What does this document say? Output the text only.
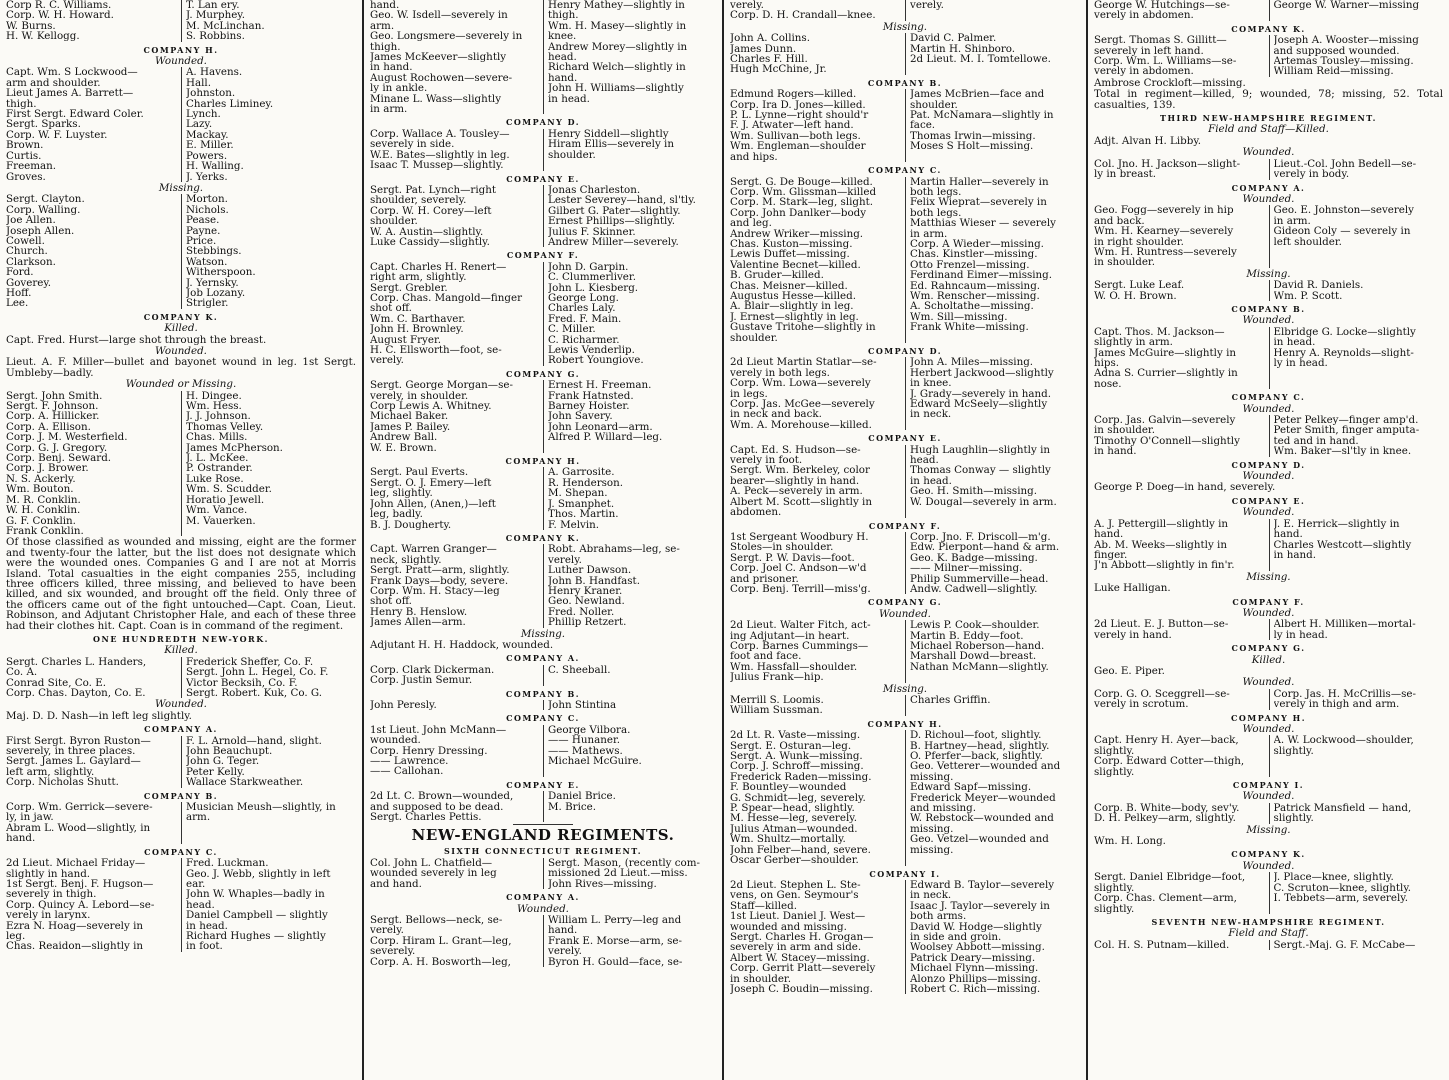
Corp R. C. Williams.
Corp. W. H. Howard.
W. Burns.
H. W. Kellogg.
T. Lan ery.
J. Murphey.
M. McLinchan.
S. Robbins.
COMPANY H.
Wounded.
Capt. Wm. S Lockwood—
arm and shoulder.
Lieut James A. Barrett—
thigh.
First Sergt. Edward Coler.
Sergt. Sparks.
Corp. W. F. Luyster.
Brown.
Curtis.
Freeman.
Groves.
A. Havens.
Hall.
Johnston.
Charles Liminey.
Lynch.
Lazy.
Mackay.
E. Miller.
Powers.
H. Walling.
J. Yerks.
Missing.
Sergt. Clayton.
Corp. Walling.
Joe Allen.
Joseph Allen.
Cowell.
Church.
Clarkson.
Ford.
Goverey.
Hoff.
Lee.
Morton.
Nichols.
Pease.
Payne.
Price.
Stebbings.
Watson.
Witherspoon.
J. Yernsky.
Job Lozany.
Strigler.
COMPANY K.
Killed.
Capt. Fred. Hurst—large shot through the breast.
Wounded.
Lieut. A. F. Miller—bullet and bayonet wound in leg. 1st Sergt. Umbleby—badly.
Wounded or Missing.
Sergt. John Smith.
Sergt. F. Johnson.
Corp. A. Hillicker.
Corp. A. Ellison.
Corp. J. M. Westerfield.
Corp. G. J. Gregory.
Corp. Benj. Seward.
Corp. J. Brower.
N. S. Ackerly.
Wm. Bouton.
M. R. Conklin.
W. H. Conklin.
G. F. Conklin.
Frank Conklin.
H. Dingee.
Wm. Hess.
J. J. Johnson.
Thomas Velley.
Chas. Mills.
James McPherson.
J. L. McKee.
P. Ostrander.
Luke Rose.
Wm. S. Scudder.
Horatio Jewell.
Wm. Vance.
M. Vauerken.
Of those classified as wounded and missing, eight are the former and twenty-four the latter, but the list does not designate which were the wounded ones. Companies G and I are not at Morris Island. Total casualties in the eight companies 255, including three officers killed, three missing, and believed to have been killed, and six wounded, and brought off the field. Only three of the officers came out of the fight untouched—Capt. Coan, Lieut. Robinson, and Adjutant Christopher Hale, and each of these three had their clothes hit. Capt. Coan is in command of the regiment.
ONE HUNDREDTH NEW-YORK.
Killed.
Sergt. Charles L. Handers,
Co. A.
Conrad Site, Co. E.
Corp. Chas. Dayton, Co. E.
Frederick Sheffer, Co. F.
Sergt. John L. Hegel, Co. F.
Victor Becksih, Co. F.
Sergt. Robert. Kuk, Co. G.
Wounded.
Maj. D. D. Nash—in left leg slightly.
COMPANY A.
First Sergt. Byron Ruston—
severely, in three places.
Sergt. James L. Gaylard—
left arm, slightly.
Corp. Nicholas Shutt.
F. L. Arnold—hand, slight.
John Beauchupt.
John G. Teger.
Peter Kelly.
Wallace Starkweather.
COMPANY B.
Corp. Wm. Gerrick—severe-
ly, in jaw.
Abram L. Wood—slightly, in
hand.
Musician Meush—slightly, in
arm.
COMPANY C.
2d Lieut. Michael Friday—
slightly in hand.
1st Sergt. Benj. F. Hugson—
severely in thigh.
Corp. Quincy A. Lebord—se-
verely in larynx.
Ezra N. Hoag—severely in
leg.
Chas. Reaidon—slightly in
Fred. Luckman.
Geo. J. Webb, slightly in left
ear.
John W. Whaples—badly in
head.
Daniel Campbell — slightly
in head.
Richard Hughes — slightly
in foot.
hand.
Geo. W. Isdell—severely in
arm.
Geo. Longsmere—severely in
thigh.
James McKeever—slightly
in hand.
August Rochowen—severe-
ly in ankle.
Minane L. Wass—slightly
in arm.
Henry Mathey—slightly in
thigh.
Wm. H. Masey—slightly in
knee.
Andrew Morey—slightly in
head.
Richard Welch—slightly in
hand.
John H. Williams—slightly
in head.
COMPANY D.
Corp. Wallace A. Tousley—
severely in side.
W.E. Bates—slightly in leg.
Isaac T. Mussep—slightly.
Henry Siddell—slightly
Hiram Ellis—severely in
shoulder.
COMPANY E.
Sergt. Pat. Lynch—right
shoulder, severely.
Corp. W. H. Corey—left
shoulder.
W. A. Austin—slightly.
Luke Cassidy—slightly.
Jonas Charleston.
Lester Severey—hand, sl'tly.
Gilbert G. Pater—slightly.
Ernest Phillips—slightly.
Julius F. Skinner.
Andrew Miller—severely.
COMPANY F.
Capt. Charles H. Renert—
right arm, slightly.
Sergt. Grebler.
Corp. Chas. Mangold—finger
shot off.
Wm. C. Barthaver.
John H. Brownley.
August Fryer.
H. C. Ellsworth—foot, se-
verely.
John D. Garpin.
C. Clummerliver.
John L. Kiesberg.
George Long.
Charles Laly.
Fred. F. Main.
C. Miller.
C. Richarmer.
Lewis Venderlip.
Robert Youngiove.
COMPANY G.
Sergt. George Morgan—se-
verely, in shoulder.
Corp Lewis A. Whitney.
Michael Baker.
James P. Bailey.
Andrew Ball.
W. E. Brown.
Ernest H. Freeman.
Frank Hatnsted.
Barney Hoister.
John Savery.
John Leonard—arm.
Alfred P. Willard—leg.
COMPANY H.
Sergt. Paul Everts.
Sergt. O. J. Emery—left
leg, slightly.
John Allen, (Anen,)—left
leg, badly.
B. J. Dougherty.
A. Garrosite.
R. Henderson.
M. Shepan.
J. Smanphet.
Thos. Martin.
F. Melvin.
COMPANY K.
Capt. Warren Granger—
neck, slightly.
Sergt. Pratt—arm, slightly.
Frank Days—body, severe.
Corp. Wm. H. Stacy—leg
shot off.
Henry B. Henslow.
James Allen—arm.
Robt. Abrahams—leg, se-
verely.
Luther Dawson.
John B. Handfast.
Henry Kraner.
Geo. Newland.
Fred. Noller.
Phillip Retzert.
Missing.
Adjutant H. H. Haddock, wounded.
COMPANY A.
Corp. Clark Dickerman.
Corp. Justin Semur.
C. Sheeball.
COMPANY B.
John Peresly.	John Stintina
COMPANY C.
1st Lieut. John McMann—
wounded.
Corp. Henry Dressing.
—— Lawrence.
—— Callohan.
George Vilbora.
—— Hunaner.
—— Mathews.
Michael McGuire.
COMPANY E.
2d Lt. C. Brown—wounded,
and supposed to be dead.
Sergt. Charles Pettis.
Daniel Brice.
M. Brice.
NEW-ENGLAND REGIMENTS.
SIXTH CONNECTICUT REGIMENT.
Col. John L. Chatfield—
wounded severely in leg
and hand.
Sergt. Mason, (recently com-
missioned 2d Lieut.—miss.
John Rives—missing.
COMPANY A.
Wounded.
Sergt. Bellows—neck, se-
verely.
Corp. Hiram L. Grant—leg,
severely.
Corp. A. H. Bosworth—leg,
William L. Perry—leg and
hand.
Frank E. Morse—arm, se-
verely.
Byron H. Gould—face, se-
verely.
Corp. D. H. Crandall—knee.
verely.
Missing.
John A. Collins.
James Dunn.
Charles F. Hill.
Hugh McChine, Jr.
David C. Palmer.
Martin H. Shinboro.
2d Lieut. M. I. Tomtellowe.
COMPANY B.
Edmund Rogers—killed.
Corp. Ira D. Jones—killed.
P. L. Lynne—right should'r
F. J. Atwater—left hand.
Wm. Sullivan—both legs.
Wm. Engleman—shoulder
and hips.
James McBrien—face and
shoulder.
Pat. McNamara—slightly in
face.
Thomas Irwin—missing.
Moses S Holt—missing.
COMPANY C.
Sergt. G. De Bouge—killed.
Corp. Wm. Glissman—killed
Corp. M. Stark—leg, slight.
Corp. John Danlker—body
and leg.
Andrew Wriker—missing.
Chas. Kuston—missing.
Lewis Duffet—missing.
Valentine Becnet—killed.
B. Gruder—killed.
Chas. Meisner—killed.
Augustus Hesse—killed.
A. Blair—slightly in leg.
J. Ernest—slightly in leg.
Gustave Tritohe—slightly in
shoulder.
Martin Haller—severely in
both legs.
Felix Wieprat—severely in
both legs.
Matthias Wieser — severely
in arm.
Corp. A Wieder—missing.
Chas. Kinstler—missing.
Otto Frenzel—missing.
Ferdinand Eimer—missing.
Ed. Rahncaum—missing.
Wm. Renscher—missing.
A. Scholtathe—missing.
Wm. Sill—missing.
Frank White—missing.
COMPANY D.
2d Lieut Martin Statlar—se-
verely in both legs.
Corp. Wm. Lowa—severely
in legs.
Corp. Jas. McGee—severely
in neck and back.
Wm. A. Morehouse—killed.
John A. Miles—missing.
Herbert Jackwood—slightly
in knee.
J. Grady—severely in hand.
Edward McSeely—slightly
in neck.
COMPANY E.
Capt. Ed. S. Hudson—se-
verely in foot.
Sergt. Wm. Berkeley, color
bearer—slightly in hand.
A. Peck—severely in arm.
Albert M. Scott—slightly in
abdomen.
Hugh Laughlin—slightly in
head.
Thomas Conway — slightly
in head.
Geo. H. Smith—missing.
W. Dougal—severely in arm.
COMPANY F.
1st Sergeant Woodbury H.
Stoles—in shoulder.
Sergt. P. W. Davis—foot.
Corp. Joel C. Andson—w'd
and prisoner.
Corp. Benj. Terrill—miss'g.
Corp. Jno. F. Driscoll—m'g.
Edw. Pierpont—hand & arm.
Geo. K. Badge—missing.
—— Milner—missing.
Philip Summerville—head.
Andw. Cadwell—slightly.
COMPANY G.
Wounded.
2d Lieut. Walter Fitch, act-
ing Adjutant—in heart.
Corp. Barnes Cummings—
foot and face.
Wm. Hassfall—shoulder.
Julius Frank—hip.
Lewis P. Cook—shoulder.
Martin B. Eddy—foot.
Michael Roberson—hand.
Marshall Dowd—breast.
Nathan McMann—slightly.
Missing.
Merrill S. Loomis.
William Sussman.
Charles Griffin.
COMPANY H.
2d Lt. R. Vaste—missing.
Sergt. E. Osturan—leg.
Sergt. A. Wunk—missing.
Corp. J. Schroff—missing.
Frederick Raden—missing.
F. Bountley—wounded
G. Schmidt—leg, severely.
P. Spear—head, slightly.
M. Hesse—leg, severely.
Julius Atman—wounded.
Wm. Shultz—mortally.
John Felber—hand, severe.
Oscar Gerber—shoulder.
D. Richoul—foot, slightly.
B. Hartney—head, slightly.
O. Pferfer—back, slightly.
Geo. Vetterer—wounded and
missing.
Edward Sapf—missing.
Frederick Meyer—wounded
and missing.
W. Rebstock—wounded and
missing.
Geo. Vetzel—wounded and
missing.
COMPANY I.
2d Lieut. Stephen L. Ste-
vens, on Gen. Seymour's
Staff—killed.
1st Lieut. Daniel J. West—
wounded and missing.
Sergt. Charles H. Grogan—
severely in arm and side.
Albert W. Stacey—missing.
Corp. Gerrit Platt—severely
in shoulder.
Joseph C. Boudin—missing.
Edward B. Taylor—severely
in neck.
Isaac J. Taylor—severely in
both arms.
David W. Hodge—slightly
in side and groin.
Woolsey Abbott—missing.
Patrick Deary—missing.
Michael Flynn—missing.
Alonzo Phillips—missing.
Robert C. Rich—missing.
George W. Hutchings—se-
verely in abdomen.
George W. Warner—missing
COMPANY K.
Sergt. Thomas S. Gillitt—
severely in left hand.
Corp. Wm. L. Williams—se-
verely in abdomen.
Joseph A. Wooster—missing
and supposed wounded.
Artemas Tousley—missing.
William Reid—missing.
Ambrose Crockloft—missing.
Total in regiment—killed, 9; wounded, 78; missing, 52. Total casualties, 139.
THIRD NEW-HAMPSHIRE REGIMENT.
Field and Staff—Killed.
Adjt. Alvan H. Libby.
Wounded.
Col. Jno. H. Jackson—slight-
ly in breast.
Lieut.-Col. John Bedell—se-
verely in body.
COMPANY A.
Wounded.
Geo. Fogg—severely in hip
and back.
Wm. H. Kearney—severely
in right shoulder.
Wm. H. Runtress—severely
in shoulder.
Geo. E. Johnston—severely
in arm.
Gideon Coly — severely in
left shoulder.
Missing.
Sergt. Luke Leaf.
W. O. H. Brown.
David R. Daniels.
Wm. P. Scott.
COMPANY B.
Wounded.
Capt. Thos. M. Jackson—
slightly in arm.
James McGuire—slightly in
hips.
Adna S. Currier—slightly in
nose.
Elbridge G. Locke—slightly
in head.
Henry A. Reynolds—slight-
ly in head.
COMPANY C.
Wounded.
Corp. Jas. Galvin—severely
in shoulder.
Timothy O'Connell—slightly
in hand.
Peter Pelkey—finger amp'd.
Peter Smith, finger amputa-
ted and in hand.
Wm. Baker—sl'tly in knee.
COMPANY D.
Wounded.
George P. Doeg—in hand, severely.
COMPANY E.
Wounded.
A. J. Pettergill—slightly in
hand.
Ab. M. Weeks—slightly in
finger.
J'n Abbott—slightly in fin'r.
J. E. Herrick—slightly in
hand.
Charles Westcott—slightly
in hand.
Missing.
Luke Halligan.
COMPANY F.
Wounded.
2d Lieut. E. J. Button—se-
verely in hand.
Albert H. Milliken—mortal-
ly in head.
COMPANY G.
Killed.
Geo. E. Piper.
Wounded.
Corp. G. O. Sceggrell—se-
verely in scrotum.
Corp. Jas. H. McCrillis—se-
verely in thigh and arm.
COMPANY H.
Wounded.
Capt. Henry H. Ayer—back,
slightly.
Corp. Edward Cotter—thigh,
slightly.
A. W. Lockwood—shoulder,
slightly.
COMPANY I.
Wounded.
Corp. B. White—body, sev'y.
D. H. Pelkey—arm, slightly.
Patrick Mansfield — hand,
slightly.
Missing.
Wm. H. Long.
COMPANY K.
Wounded.
Sergt. Daniel Elbridge—foot,
slightly.
Corp. Chas. Clement—arm,
slightly.
J. Place—knee, slightly.
C. Scruton—knee, slightly.
I. Tebbets—arm, severely.
SEVENTH NEW-HAMPSHIRE REGIMENT.
Field and Staff.
Col. H. S. Putnam—killed.	Sergt.-Maj. G. F. McCabe—
